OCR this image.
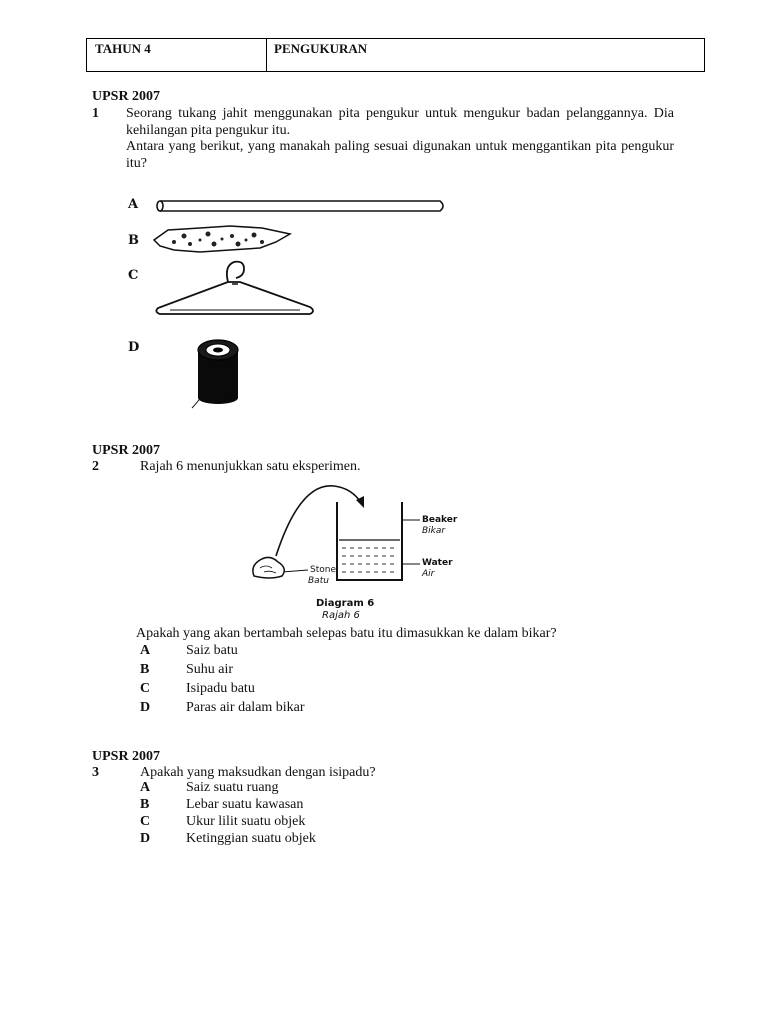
TAHUN 4	PENGUKURAN
UPSR 2007
1 Seorang tukang jahit menggunakan pita pengukur untuk mengukur badan pelanggannya. Dia kehilangan pita pengukur itu.

Antara yang berikut, yang manakah paling sesuai digunakan untuk menggantikan pita pengukur itu?

A
B
C
D
UPSR 2007
2	Rajah 6 menunjukkan satu eksperimen.
Beaker
Bikar
Water
Air
Stone
Batu
Diagram 6
Rajah 6
Apakah yang akan bertambah selepas batu itu dimasukkan ke dalam bikar?
A	Saiz batu
B	Suhu air
C	Isipadu batu
D	Paras air dalam bikar
UPSR 2007
3	Apakah yang maksudkan dengan isipadu?
A	Saiz suatu ruang
B	Lebar suatu kawasan
C	Ukur lilit suatu objek
D	Ketinggian suatu objek
